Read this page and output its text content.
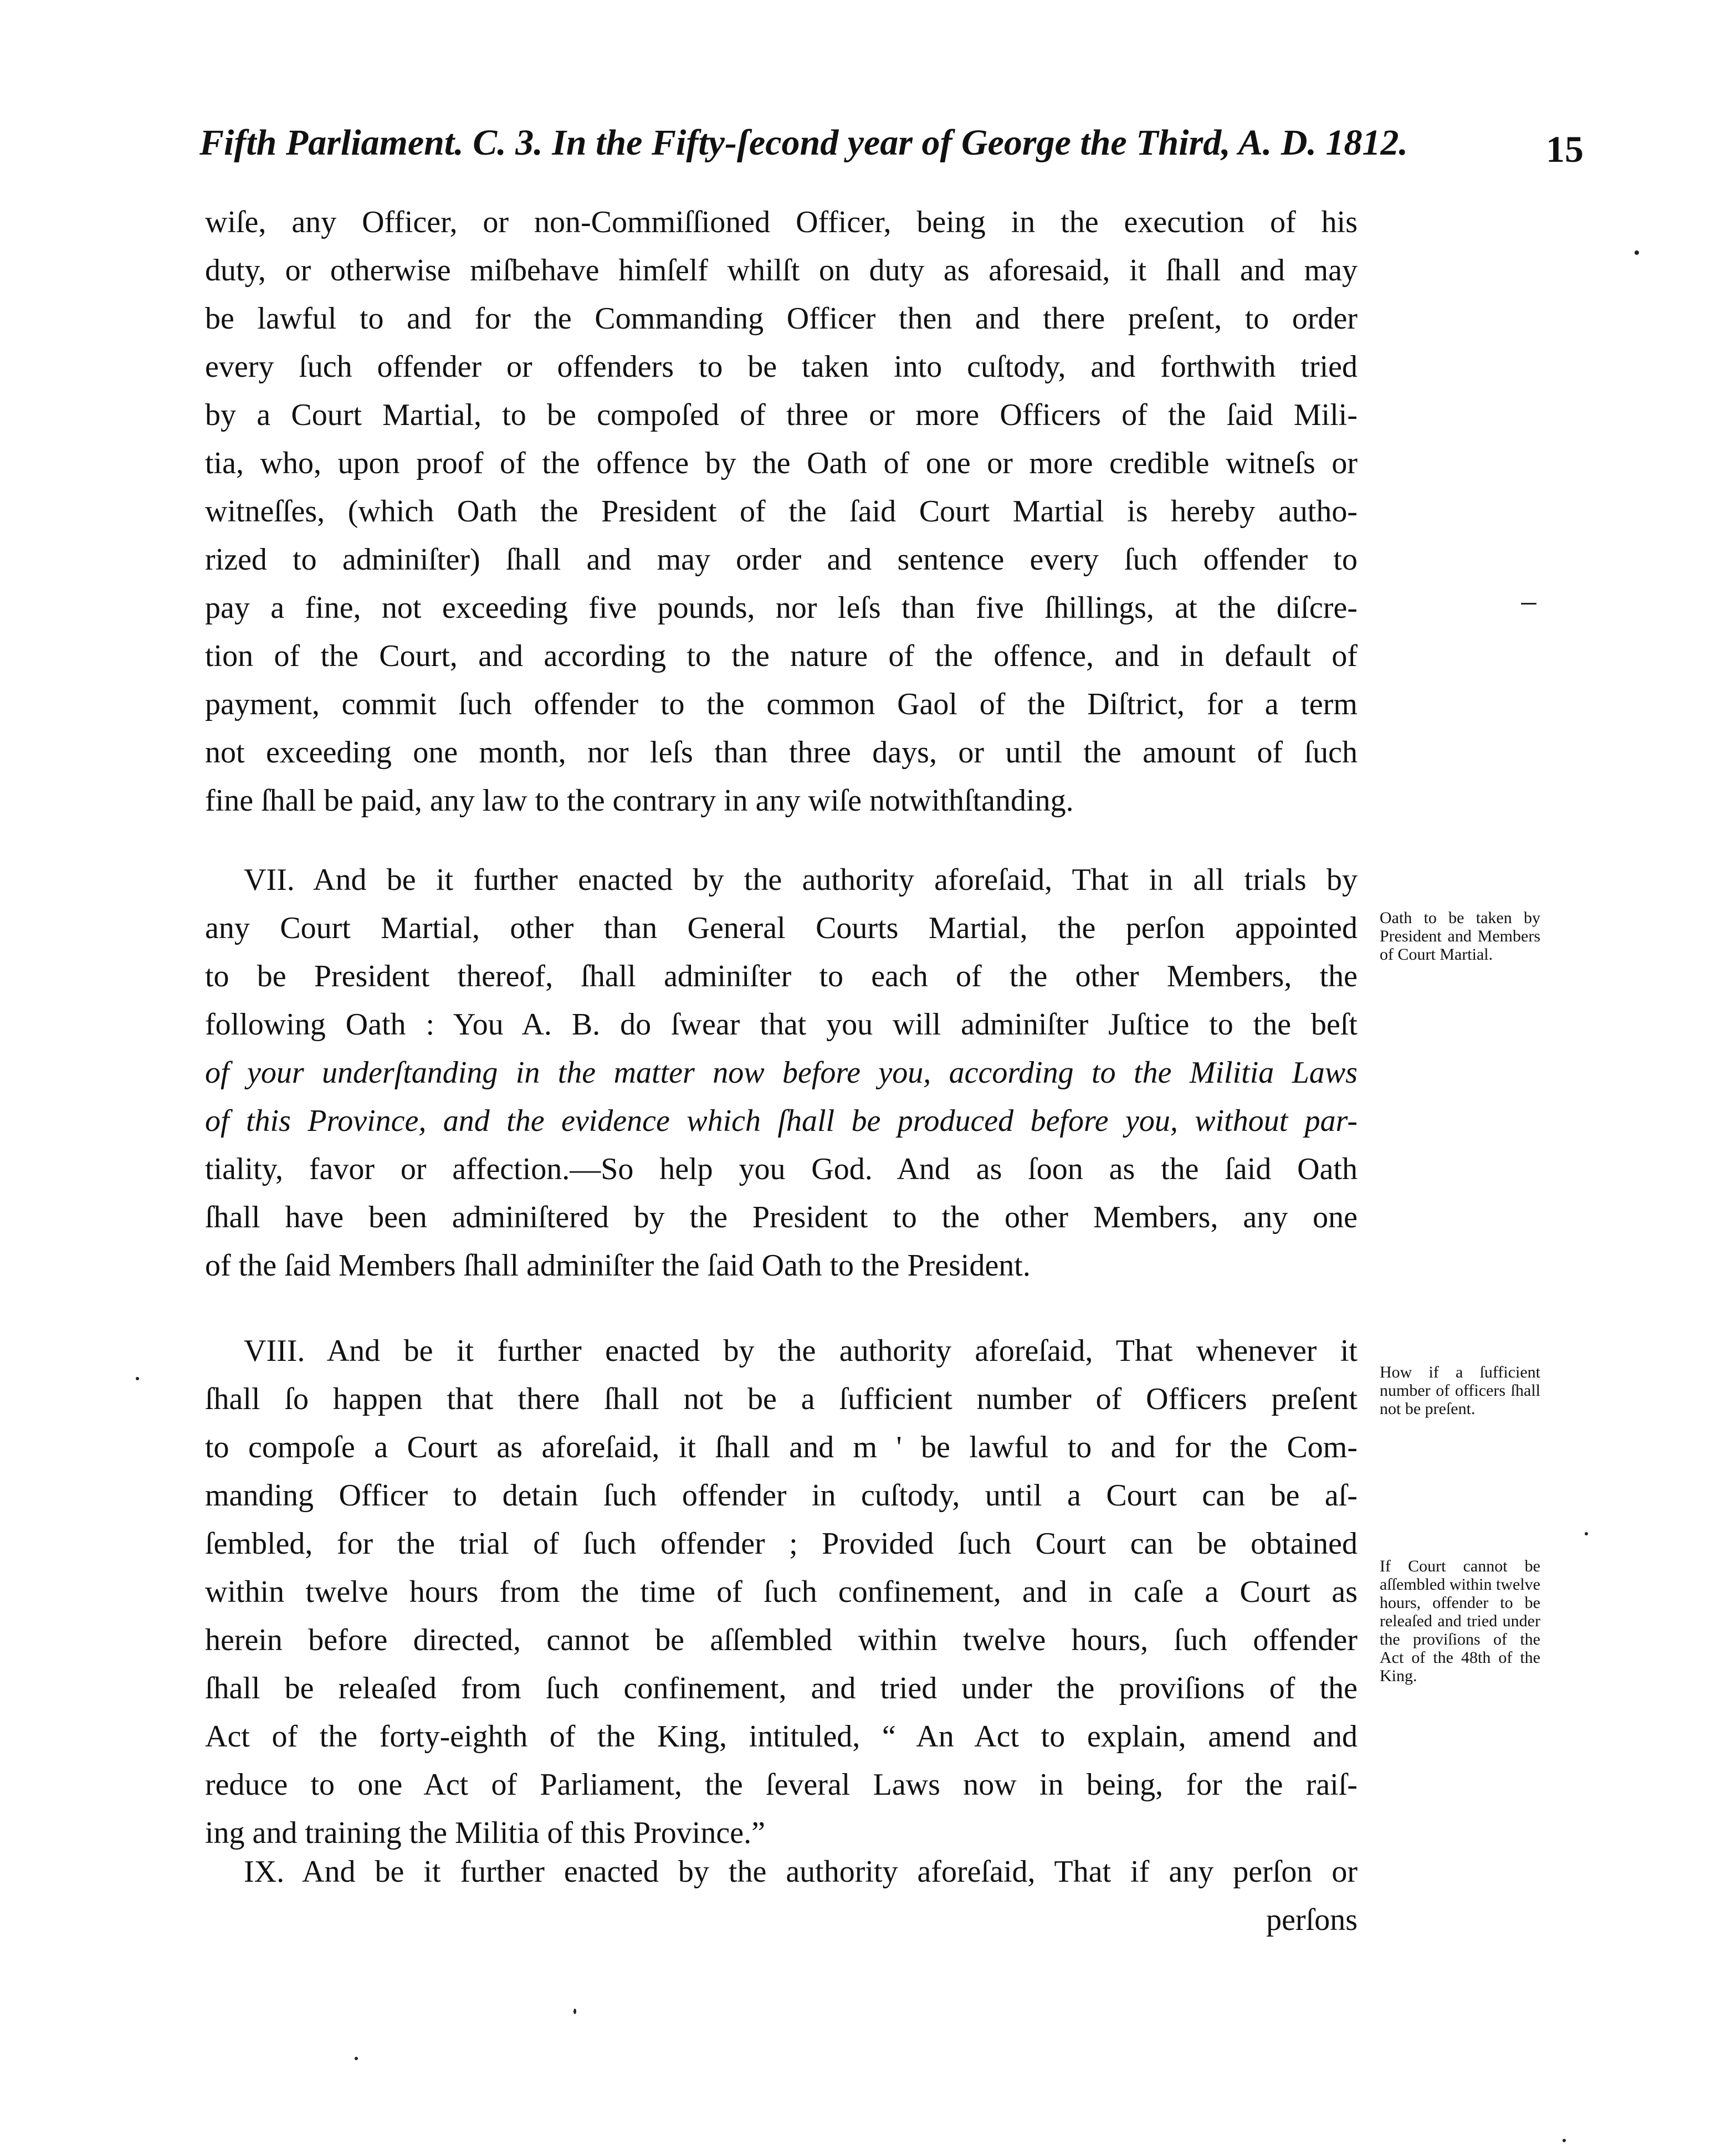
Fifth Parliament. C. 3. In the Fifty-ſecond year of George the Third, A. D. 1812.	15
wiſe, any Officer, or non-Commiſſioned Officer, being in the execution of his
duty, or otherwise miſbehave himſelf whilſt on duty as aforesaid, it ſhall and may
be lawful to and for the Commanding Officer then and there preſent, to order
every ſuch offender or offenders to be taken into cuſtody, and forthwith tried
by a Court Martial, to be compoſed of three or more Officers of the ſaid Mili-
tia, who, upon proof of the offence by the Oath of one or more credible witneſs or
witneſſes, (which Oath the President of the ſaid Court Martial is hereby autho-
rized to adminiſter) ſhall and may order and sentence every ſuch offender to
pay a fine, not exceeding five pounds, nor leſs than five ſhillings, at the diſcre-
tion of the Court, and according to the nature of the offence, and in default of
payment, commit ſuch offender to the common Gaol of the Diſtrict, for a term
not exceeding one month, nor leſs than three days, or until the amount of ſuch
fine ſhall be paid, any law to the contrary in any wiſe notwithſtanding.
VII. And be it further enacted by the authority aforeſaid, That in all trials by
any Court Martial, other than General Courts Martial, the perſon appointed
to be President thereof, ſhall adminiſter to each of the other Members, the
following Oath : You A. B. do ſwear that you will adminiſter Juſtice to the beſt
of your underſtanding in the matter now before you, according to the Militia Laws
of this Province, and the evidence which ſhall be produced before you, without par-
tiality, favor or affection.—So help you God. And as ſoon as the ſaid Oath
ſhall have been adminiſtered by the President to the other Members, any one
of the ſaid Members ſhall adminiſter the ſaid Oath to the President.
VIII. And be it further enacted by the authority aforeſaid, That whenever it
ſhall ſo happen that there ſhall not be a ſufficient number of Officers preſent
to compoſe a Court as aforeſaid, it ſhall and m ' be lawful to and for the Com-
manding Officer to detain ſuch offender in cuſtody, until a Court can be aſ-
ſembled, for the trial of ſuch offender ; Provided ſuch Court can be obtained
within twelve hours from the time of ſuch confinement, and in caſe a Court as
herein before directed, cannot be aſſembled within twelve hours, ſuch offender
ſhall be releaſed from ſuch confinement, and tried under the proviſions of the
Act of the forty-eighth of the King, intituled, “ An Act to explain, amend and
reduce to one Act of Parliament, the ſeveral Laws now in being, for the raiſ-
ing and training the Militia of this Province.”
IX. And be it further enacted by the authority aforeſaid, That if any perſon or
perſons
Oath to be taken by President and Members of Court Martial.
How if a ſufficient number of officers ſhall not be preſent.
If Court cannot be aſſembled within twelve hours, offender to be releaſed and tried under the proviſions of the Act of the 48th of the King.
